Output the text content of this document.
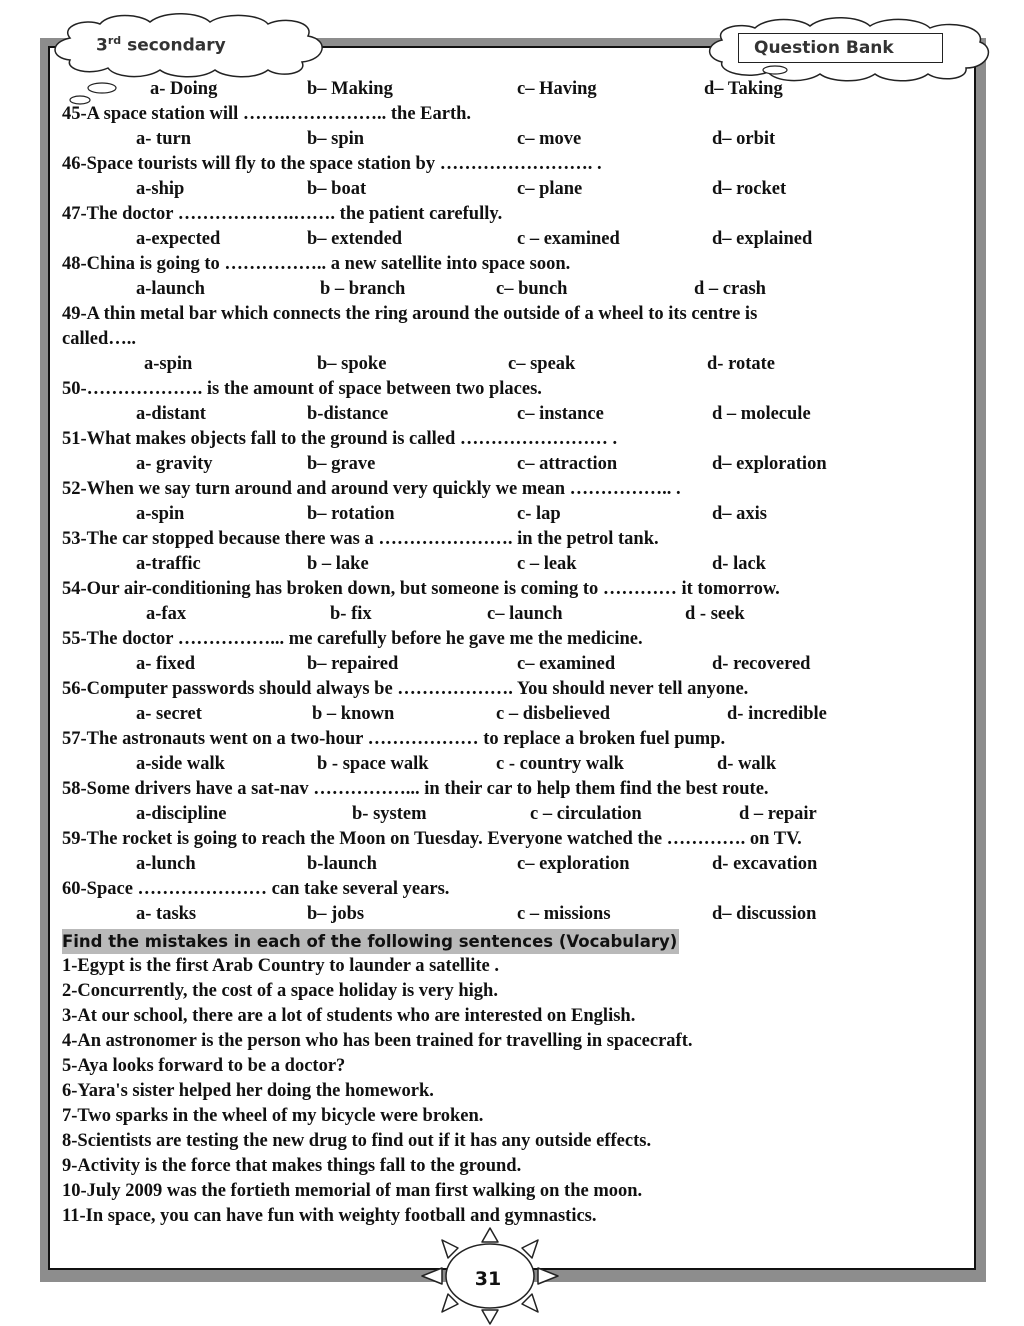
3rd secondary	Question Bank
a- Doing	b– Making	c– Having	d– Taking
45-A space station will …….…………….. the Earth.
a- turn	b– spin	c– move	d– orbit
46-Space tourists will fly to the space station by ……………………. .
a-ship	b– boat	c– plane	d– rocket
47-The doctor ……………….……. the patient carefully.
a-expected	b– extended	c – examined	d– explained
48-China is going to …………….. a new satellite into space soon.
a-launch	b – branch	c– bunch	d – crash
49-A thin metal bar which connects the ring around the outside of a wheel to its centre is
called…..
a-spin	b– spoke	c– speak	d- rotate
50-………………. is the amount of space between two places.
a-distant	b-distance	c– instance	d – molecule
51-What makes objects fall to the ground is called …………………… .
a- gravity	b– grave	c– attraction	d– exploration
52-When we say turn around and around very quickly we mean …………….. .
a-spin	b– rotation	c- lap	d– axis
53-The car stopped because there was a …………………. in the petrol tank.
a-traffic	b – lake	c – leak	d- lack
54-Our air-conditioning has broken down, but someone is coming to ………… it tomorrow.
a-fax	b- fix	c– launch	d - seek
55-The doctor ……………... me carefully before he gave me the medicine.
a- fixed	b– repaired	c– examined	d- recovered
56-Computer passwords should always be ………………. You should never tell anyone.
a- secret	b – known	c – disbelieved	d- incredible
57-The astronauts went on a two-hour ……………… to replace a broken fuel pump.
a-side walk	b - space walk	c - country walk	d- walk
58-Some drivers have a sat-nav ……………... in their car to help them find the best route.
a-discipline	b- system	c – circulation	d – repair
59-The rocket is going to reach the Moon on Tuesday. Everyone watched the …………. on TV.
a-lunch	b-launch	c– exploration	d- excavation
60-Space ………………… can take several years.
a- tasks	b– jobs	c – missions	d– discussion
Find the mistakes in each of the following sentences (Vocabulary)
1-Egypt is the first Arab Country to launder a satellite .
2-Concurrently, the cost of a space holiday is very high.
3-At our school, there are a lot of students who are interested on English.
4-An astronomer is the person who has been trained for travelling in spacecraft.
5-Aya looks forward to be a doctor?
6-Yara's sister helped her doing the homework.
7-Two sparks in the wheel of my bicycle were broken.
8-Scientists are testing the new drug to find out if it has any outside effects.
9-Activity is the force that makes things fall to the ground.
10-July 2009 was the fortieth memorial of man first walking on the moon.
11-In space, you can have fun with weighty football and gymnastics.
31
